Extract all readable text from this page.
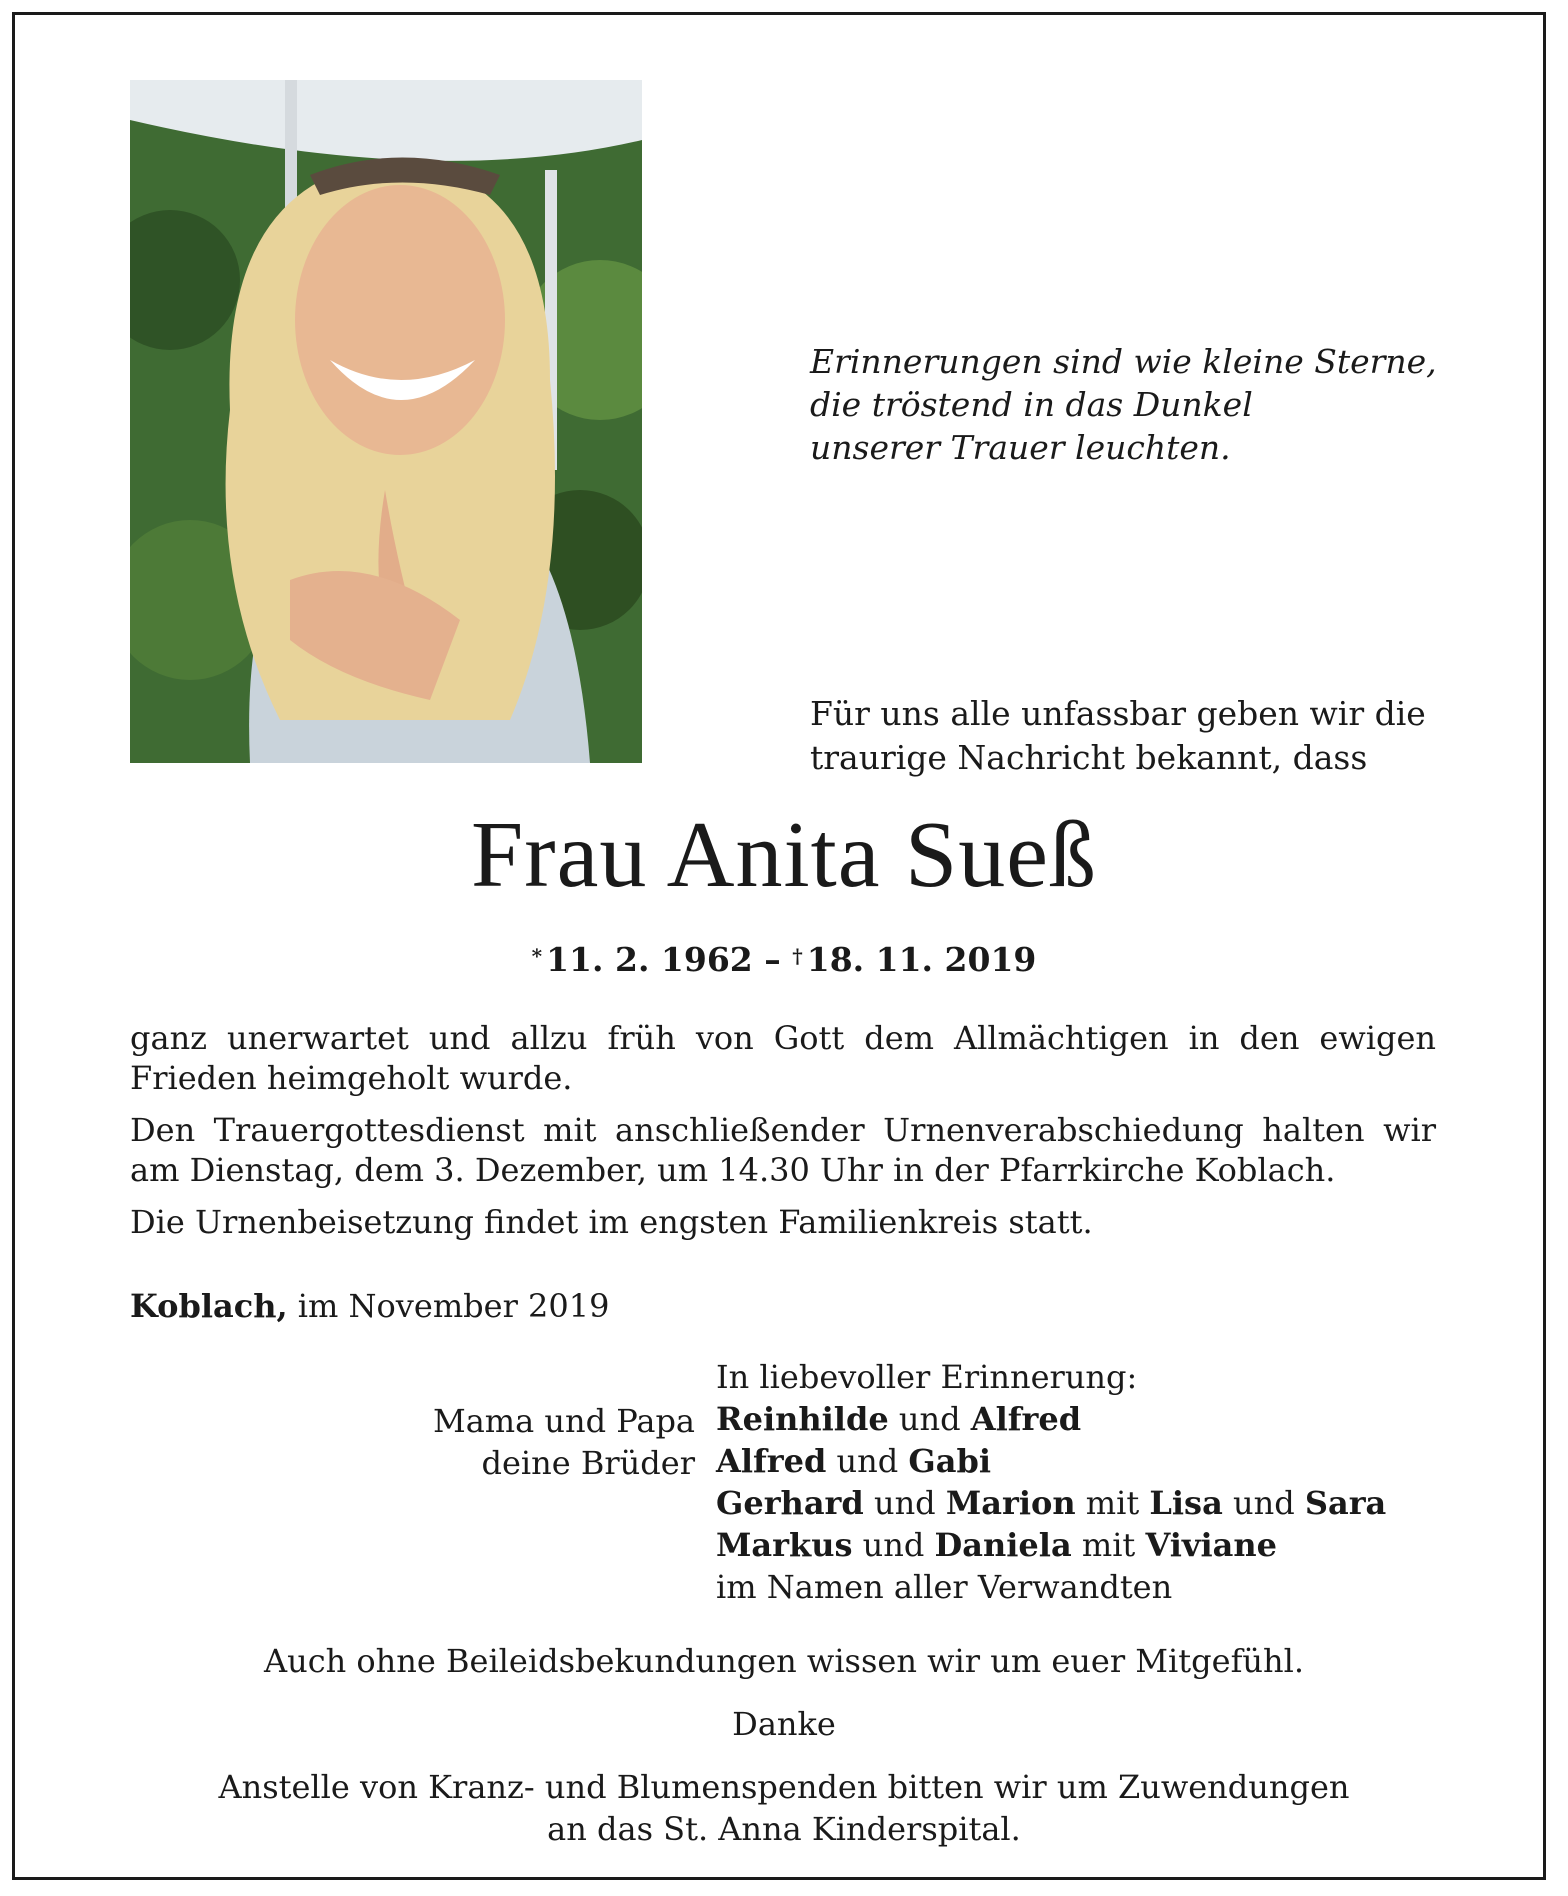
Erinnerungen sind wie kleine Sterne,
die tröstend in das Dunkel
unserer Trauer leuchten.
Für uns alle unfassbar geben wir die
traurige Nachricht bekannt, dass
Frau Anita Sueß
* 11. 2. 1962 – † 18. 11. 2019

ganz unerwartet und allzu früh von Gott dem Allmächtigen in den ewigen Frieden heimgeholt wurde.

Den Trauergottesdienst mit anschließender Urnenverabschiedung halten wir am Dienstag, dem 3. Dezember, um 14.30 Uhr in der Pfarrkirche Koblach.

Die Urnenbeisetzung findet im engsten Familienkreis statt.

Koblach, im November 2019
Mama und Papa
deine Brüder
In liebevoller Erinnerung:
Reinhilde und Alfred
Alfred und Gabi
Gerhard und Marion mit Lisa und Sara
Markus und Daniela mit Viviane
im Namen aller Verwandten
Auch ohne Beileidsbekundungen wissen wir um euer Mitgefühl.
Danke
Anstelle von Kranz- und Blumenspenden bitten wir um Zuwendungen
an das St. Anna Kinderspital.
